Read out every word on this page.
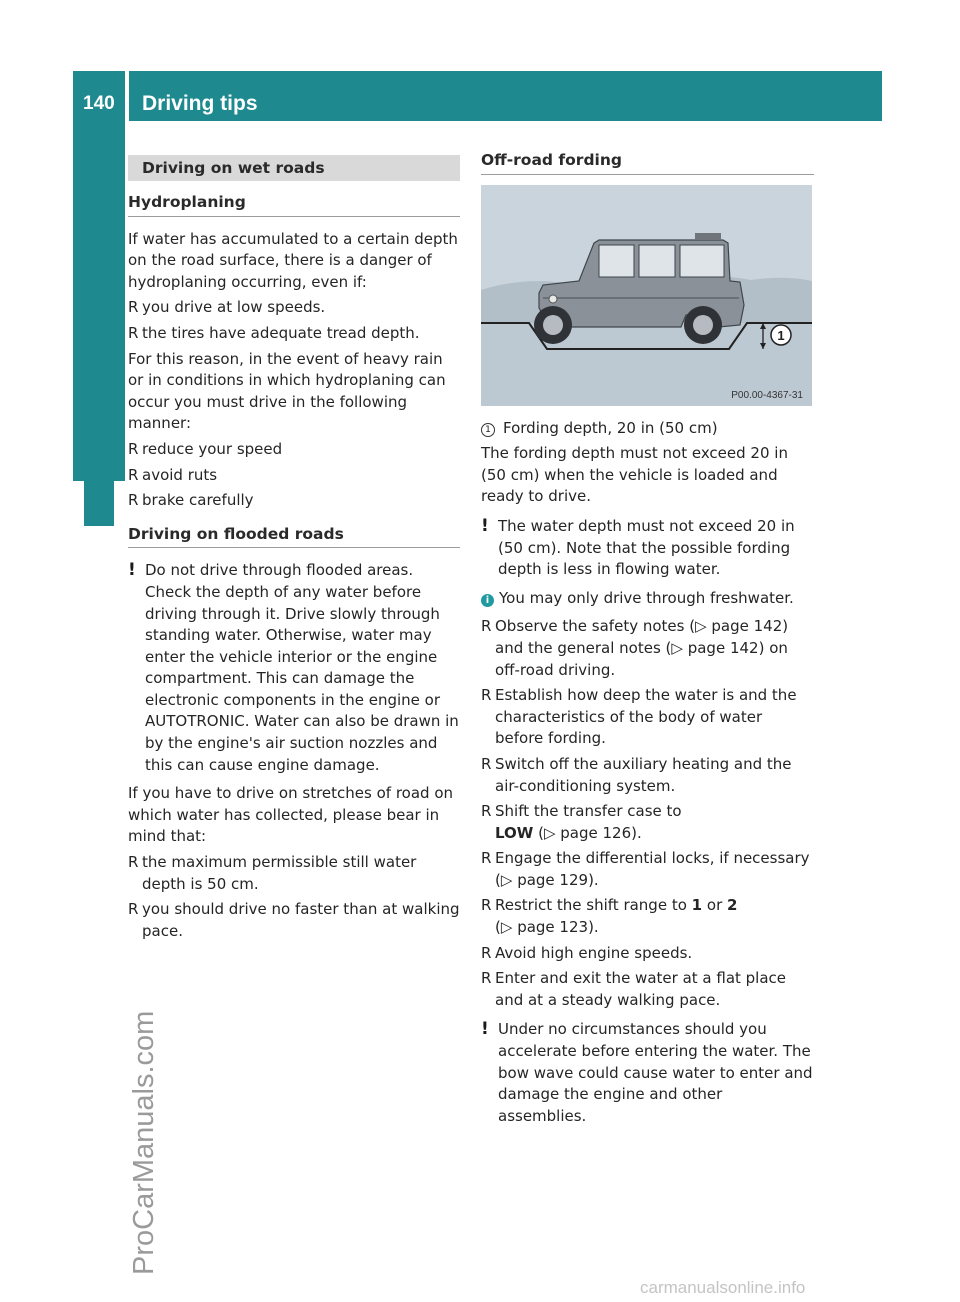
140	Driving tips
Driving and parking
ProCarManuals.com
carmanualsonline.info
Driving on wet roads
Hydroplaning

If water has accumulated to a certain depth on the road surface, there is a danger of hydroplaning occurring, even if:

R you drive at low speeds.
R the tires have adequate tread depth.

For this reason, in the event of heavy rain or in conditions in which hydroplaning can occur you must drive in the following manner:

R reduce your speed
R avoid ruts
R brake carefully
Driving on flooded roads
! Do not drive through flooded areas. Check the depth of any water before driving through it. Drive slowly through standing water. Otherwise, water may enter the vehicle interior or the engine compartment. This can damage the electronic components in the engine or AUTOTRONIC. Water can also be drawn in by the engine's air suction nozzles and this can cause engine damage.

If you have to drive on stretches of road on which water has collected, please bear in mind that:

R the maximum permissible still water depth is 50 cm.
R you should drive no faster than at walking pace.
Off-road fording
1
P00.00-4367-31

1 Fording depth, 20 in (50 cm)

The fording depth must not exceed 20 in (50 cm) when the vehicle is loaded and ready to drive.

! The water depth must not exceed 20 in (50 cm). Note that the possible fording depth is less in flowing water.
i You may only drive through freshwater.
R Observe the safety notes (▷ page 142) and the general notes (▷ page 142) on off-road driving.
R Establish how deep the water is and the characteristics of the body of water before fording.
R Switch off the auxiliary heating and the air-conditioning system.
R Shift the transfer case to
LOW (▷ page 126).
R Engage the differential locks, if necessary
(▷ page 129).
R Restrict the shift range to 1 or 2
(▷ page 123).
R Avoid high engine speeds.
R Enter and exit the water at a flat place and at a steady walking pace.
! Under no circumstances should you accelerate before entering the water. The bow wave could cause water to enter and damage the engine and other assemblies.
